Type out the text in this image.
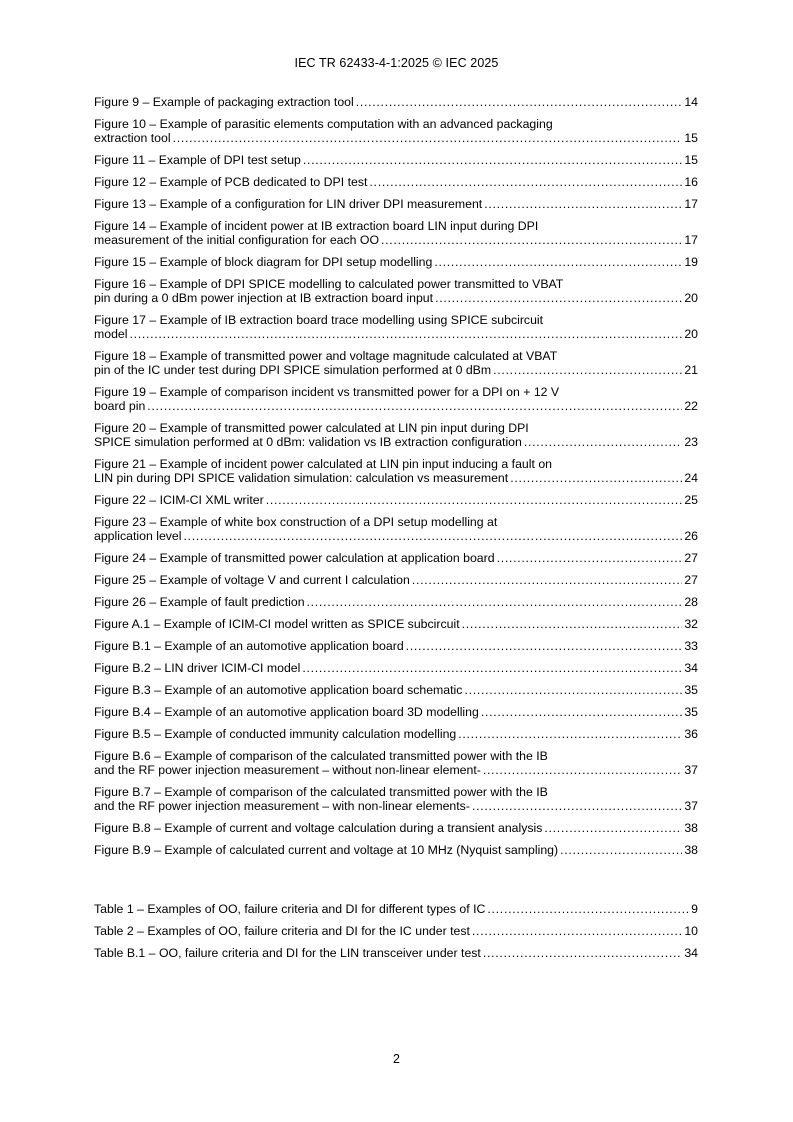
IEC TR 62433-4-1:2025 © IEC 2025
Figure 9 – Example of packaging extraction tool . . .	14
Figure 10 – Example of parasitic elements computation with an advanced packaging
extraction tool . . .	15
Figure 11 – Example of DPI test setup . . .	15
Figure 12 – Example of PCB dedicated to DPI test . . .	16
Figure 13 – Example of a configuration for LIN driver DPI measurement . . .	17
Figure 14 – Example of incident power at IB extraction board LIN input during DPI
measurement of the initial configuration for each OO . . .	17
Figure 15 – Example of block diagram for DPI setup modelling . . .	19
Figure 16 – Example of DPI SPICE modelling to calculated power transmitted to VBAT
pin during a 0 dBm power injection at IB extraction board input . . .	20
Figure 17 – Example of IB extraction board trace modelling using SPICE subcircuit
model . . .	20
Figure 18 – Example of transmitted power and voltage magnitude calculated at VBAT
pin of the IC under test during DPI SPICE simulation performed at 0 dBm . . .	21
Figure 19 – Example of comparison incident vs transmitted power for a DPI on + 12 V
board pin . . .	22
Figure 20 – Example of transmitted power calculated at LIN pin input during DPI
SPICE simulation performed at 0 dBm: validation vs IB extraction configuration . . .	23
Figure 21 – Example of incident power calculated at LIN pin input inducing a fault on
LIN pin during DPI SPICE validation simulation: calculation vs measurement . . .	24
Figure 22 – ICIM-CI XML writer . . .	25
Figure 23 – Example of white box construction of a DPI setup modelling at
application level . . .	26
Figure 24 – Example of transmitted power calculation at application board . . .	27
Figure 25 – Example of voltage V and current I calculation . . .	27
Figure 26 – Example of fault prediction . . .	28
Figure A.1 – Example of ICIM-CI model written as SPICE subcircuit . . .	32
Figure B.1 – Example of an automotive application board . . .	33
Figure B.2 – LIN driver ICIM-CI model . . .	34
Figure B.3 – Example of an automotive application board schematic . . .	35
Figure B.4 – Example of an automotive application board 3D modelling . . .	35
Figure B.5 – Example of conducted immunity calculation modelling . . .	36
Figure B.6 – Example of comparison of the calculated transmitted power with the IB
and the RF power injection measurement – without non-linear element- . . .	37
Figure B.7 – Example of comparison of the calculated transmitted power with the IB
and the RF power injection measurement – with non-linear elements- . . .	37
Figure B.8 – Example of current and voltage calculation during a transient analysis . . .	38
Figure B.9 – Example of calculated current and voltage at 10 MHz (Nyquist sampling) . . .	38
Table 1 – Examples of OO, failure criteria and DI for different types of IC . . .	9
Table 2 – Examples of OO, failure criteria and DI for the IC under test . . .	10
Table B.1 – OO, failure criteria and DI for the LIN transceiver under test . . .	34
2
